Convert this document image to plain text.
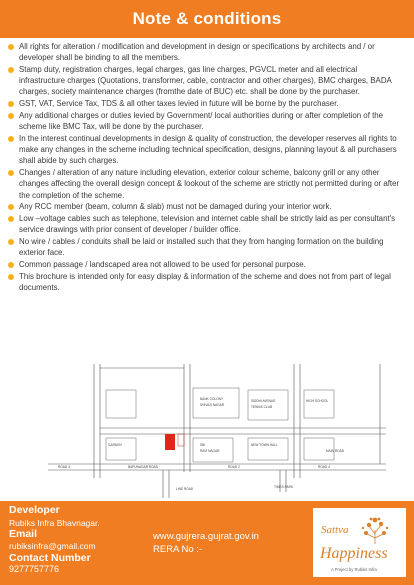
Note & conditions
All rights for alteration / modification and development in design or specifications by architects and / or developer shall be binding to all the members.
Stamp duty, registration charges, legal charges, gas line charges, PGVCL meter and all electrical infrastructure charges (Quotations, transformer, cable, contractor and other charges), BMC charges, BADA charges, society maintenance charges (fromthe date of BUC) etc. shall be done by the purchaser.
GST, VAT, Service Tax, TDS & all other taxes levied in future will be borne by the purchaser.
Any additional charges or duties levied by Government/ local authorities during or after completion of the scheme like BMC Tax, will be done by the purchaser.
In the interest continual developments in design & quality of construction, the developer reserves all rights to make any changes in the scheme including technical specification, designs, planning layout & all purchasers shall abide by such charges.
Changes / alteration of any nature including elevation, exterior colour scheme, balcony grill or any other changes affecting the overall design concept & lookout of the scheme are strictly not permitted during or after the completion of the scheme.
Any RCC member (beam, column & slab) must not be damaged during your interior work.
Low –voltage cables such as telephone, television and internet cable shall be strictly laid as per consultant's service drawings with prior consent of developer / builder office.
No wire / cables / conduits shall be laid or installed such that they from hanging formation on the building exterior face.
Common passage / landscaped area not allowed to be used for personal purpose.
This brochure is intended only for easy display & information of the scheme and does not from part of legal documents.
BANK COLONY
SHIVAJI NAGAR
SBI
RAVI NAGAR
SIDDHI AVENUE
TENNIS CLUB
NEW TOWN HALL
MAIN ROAD
BAPUNAGAR ROAD
HIGH SCHOOL
ROAD 2
ROAD 3	ROAD 4
LINE ROAD	TIMES PARK
GARDEN
Developer
Rubiks Infra Bhavnagar.
Email
rubiksinfra@gmail.com
Contact Number
9277757776
www.gujrera.gujrat.gov.in
RERA No :-
Sattva
Happiness
A Project by Rubiks Infra
